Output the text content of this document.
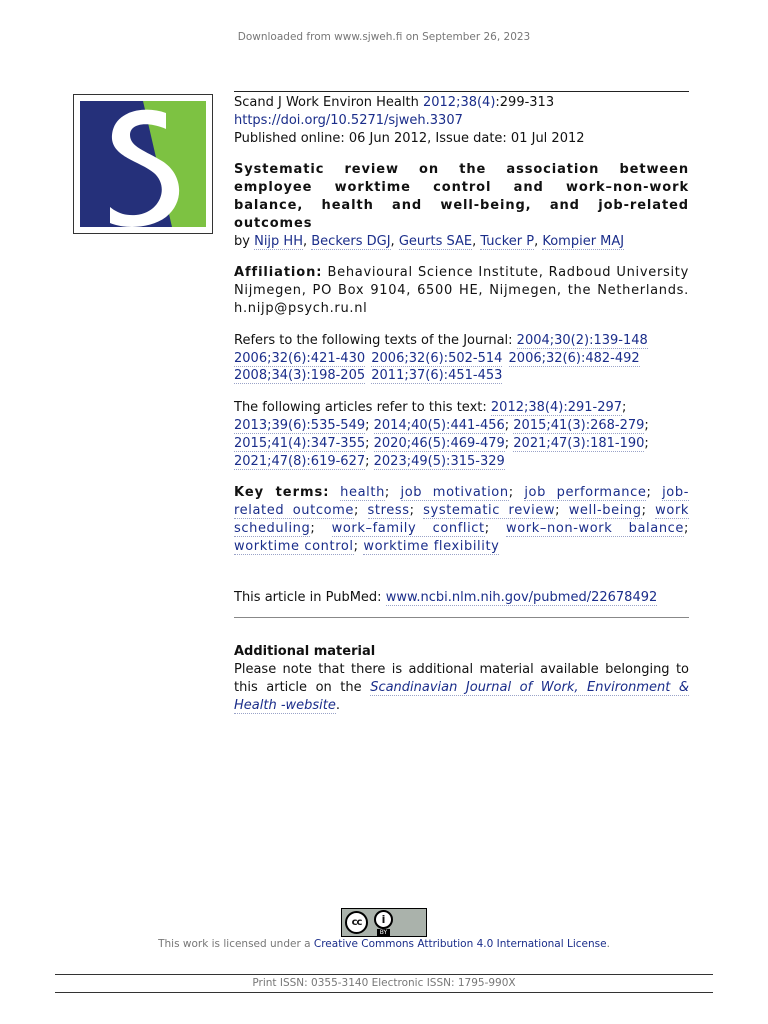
Downloaded from www.sjweh.fi on September 26, 2023

Scand J Work Environ Health 2012;38(4):299-313

https://doi.org/10.5271/sjweh.3307

Published online: 06 Jun 2012, Issue date: 01 Jul 2012

Systematic review on the association between employee worktime control and work–non-work balance, health and well-being, and job-related outcomes

by Nijp HH, Beckers DGJ, Geurts SAE, Tucker P, Kompier MAJ

Affiliation: Behavioural Science Institute, Radboud University Nijmegen, PO Box 9104, 6500 HE, Nijmegen, the Netherlands. h.nijp@psych.ru.nl

Refers to the following texts of the Journal: 2004;30(2):139-148 2006;32(6):421-430 2006;32(6):502-514 2006;32(6):482-492 2008;34(3):198-205 2011;37(6):451-453

The following articles refer to this text: 2012;38(4):291-297; 2013;39(6):535-549; 2014;40(5):441-456; 2015;41(3):268-279; 2015;41(4):347-355; 2020;46(5):469-479; 2021;47(3):181-190; 2021;47(8):619-627; 2023;49(5):315-329

Key terms: health; job motivation; job performance; job-related outcome; stress; systematic review; well-being; work scheduling; work–family conflict; work–non-work balance; worktime control; worktime flexibility

This article in PubMed: www.ncbi.nlm.nih.gov/pubmed/22678492

Additional material

Please note that there is additional material available belonging to this article on the Scandinavian Journal of Work, Environment & Health -website.

cc	i
BY
This work is licensed under a Creative Commons Attribution 4.0 International License.
Print ISSN: 0355-3140 Electronic ISSN: 1795-990X
